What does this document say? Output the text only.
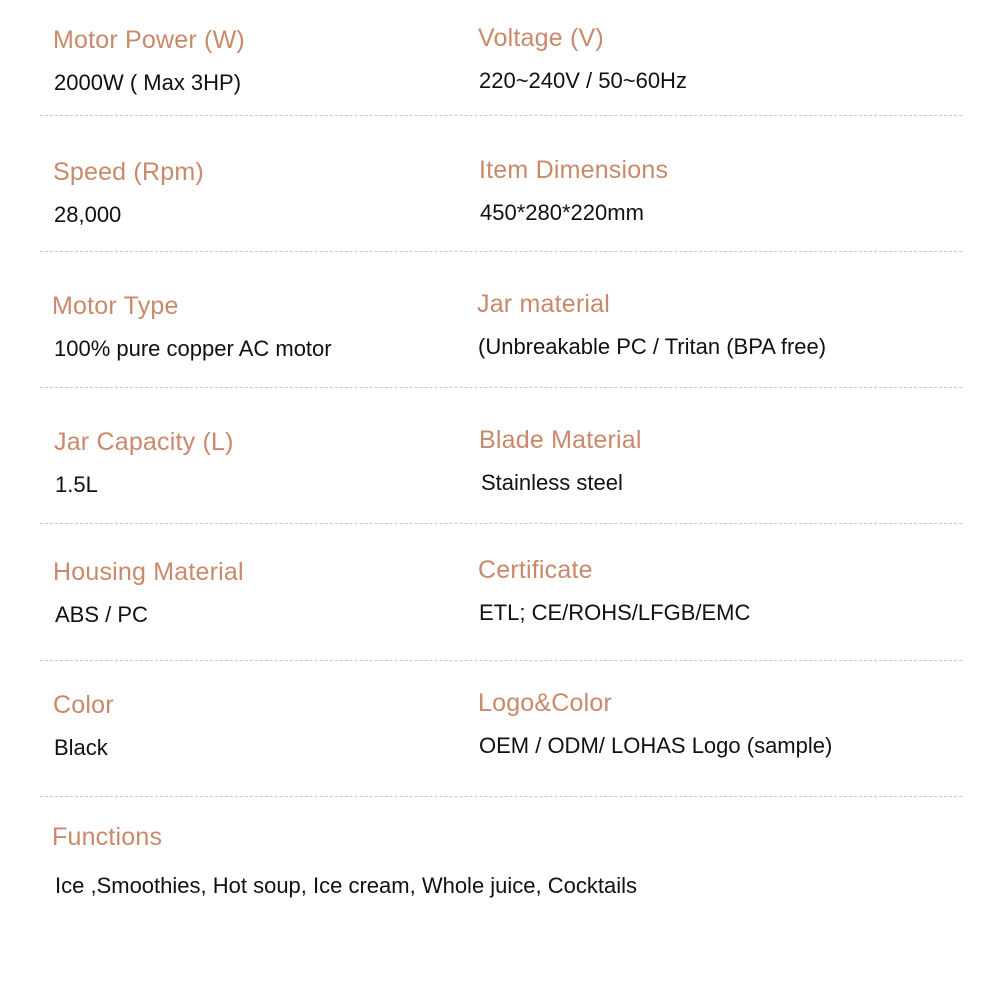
Motor Power (W)
2000W ( Max 3HP)
Voltage (V)
220~240V / 50~60Hz
Speed (Rpm)
28,000
Item Dimensions
450*280*220mm
Motor Type
100% pure copper AC motor
Jar material
(Unbreakable PC / Tritan (BPA free)
Jar Capacity (L)
1.5L
Blade Material
Stainless steel
Housing Material
ABS / PC
Certificate
ETL; CE/ROHS/LFGB/EMC
Color
Black
Logo&Color
OEM / ODM/ LOHAS Logo (sample)
Functions
Ice ,Smoothies, Hot soup, Ice cream, Whole juice, Cocktails
